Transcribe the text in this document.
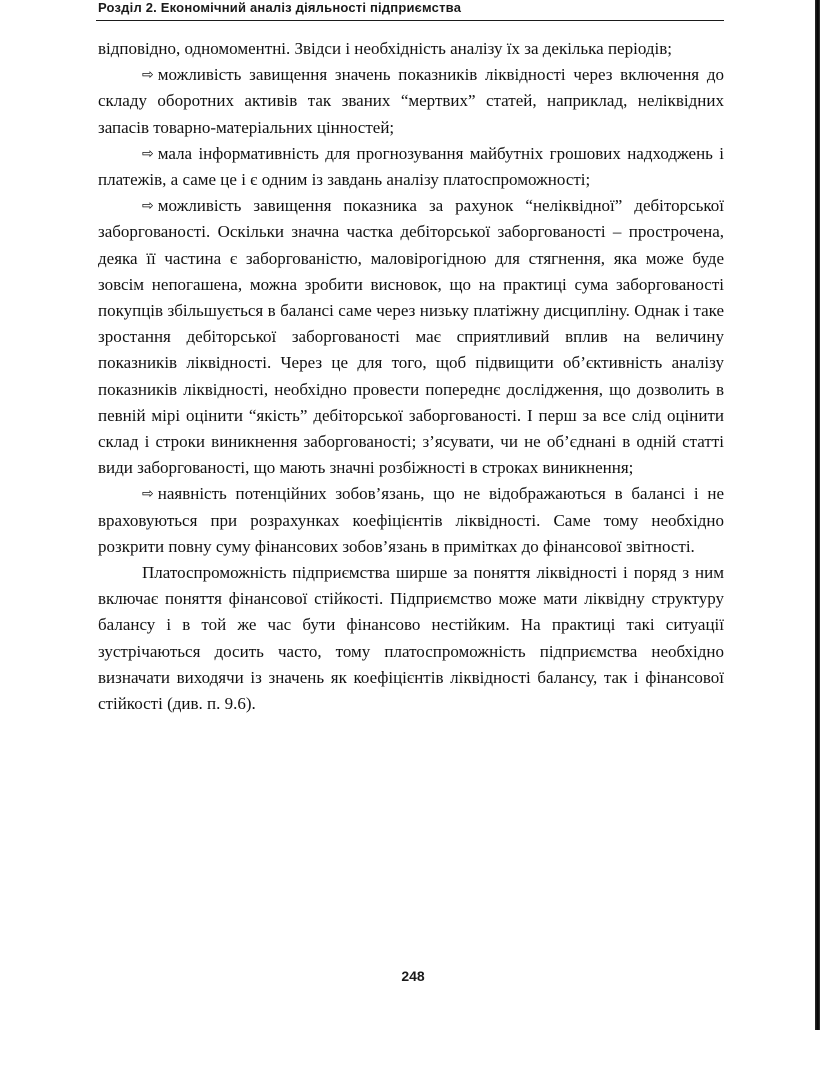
Розділ 2. Економічний аналіз діяльності підприємства

відповідно, одномоментні. Звідси і необхідність аналізу їх за декілька періодів;

⇨ можливість завищення значень показників ліквідності через включення до складу оборотних активів так званих “мертвих” статей, наприклад, неліквідних запасів товарно-матеріальних цінностей;

⇨ мала інформативність для прогнозування майбутніх грошових надходжень і платежів, а саме це і є одним із завдань аналізу платоспроможності;

⇨ можливість завищення показника за рахунок “неліквідної” дебіторської заборгованості. Оскільки значна частка дебіторської заборгованості – прострочена, деяка її частина є заборгованістю, маловірогідною для стягнення, яка може буде зовсім непогашена, можна зробити висновок, що на практиці сума заборгованості покупців збільшується в балансі саме через низьку платіжну дисципліну. Однак і таке зростання дебіторської заборгованості має сприятливий вплив на величину показників ліквідності. Через це для того, щоб підвищити об’єктивність аналізу показників ліквідності, необхідно провести попереднє дослідження, що дозволить в певній мірі оцінити “якість” дебіторської заборгованості. І перш за все слід оцінити склад і строки виникнення заборгованості; з’ясувати, чи не об’єднані в одній статті види заборгованості, що мають значні розбіжності в строках виникнення;

⇨ наявність потенційних зобов’язань, що не відображаються в балансі і не враховуються при розрахунках коефіцієнтів ліквідності. Саме тому необхідно розкрити повну суму фінансових зобов’язань в примітках до фінансової звітності.

Платоспроможність підприємства ширше за поняття ліквідності і поряд з ним включає поняття фінансової стійкості. Підприємство може мати ліквідну структуру балансу і в той же час бути фінансово нестійким. На практиці такі ситуації зустрічаються досить часто, тому платоспроможність підприємства необхідно визначати виходячи із значень як коефіцієнтів ліквідності балансу, так і фінансової стійкості (див. п. 9.6).

248
